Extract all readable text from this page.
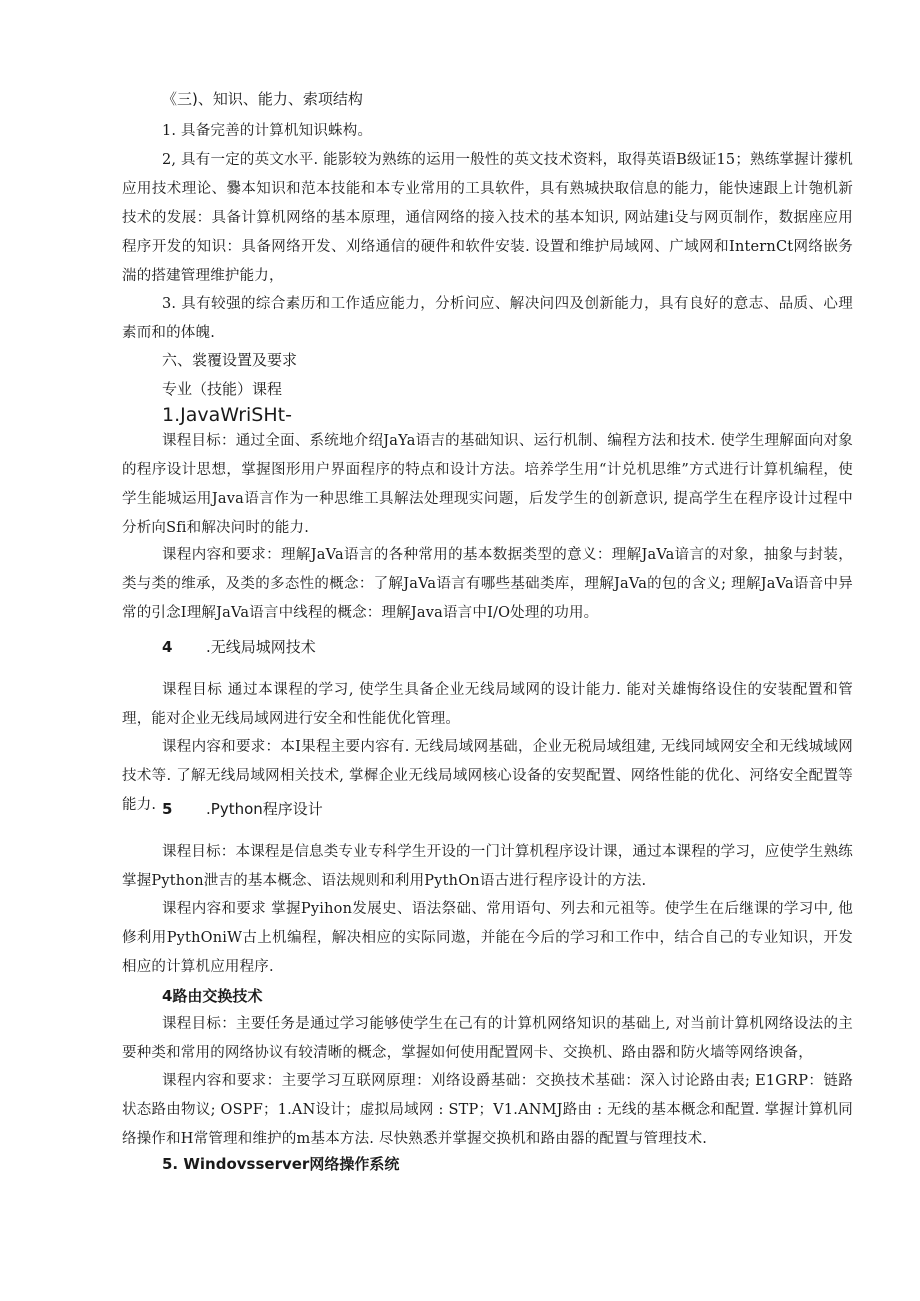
《三)、知识、能力、索项结构

1. 具备完善的计算机知识蛛构。

2, 具有一定的英文水平. 能影较为熟练的运用一般性的英文技术资料，取得英语B级证15；熟练掌握计獴机应用技术理论、爨本知识和范本技能和本专业常用的工具软件，具有熟城抉取信息的能力，能快速跟上计匏机新技术的发展：具备计算机网络的基本原理，通信网络的接入技术的基本知识, 网站建i殳与网页制作，数据座应用程序开发的知识：具备网络开发、刈络通信的硬件和软件安装. 设置和维护局域网、广域网和InternCt网络嵌务湍的搭建管理维护能力，

3. 具有较强的综合素历和工作适应能力，分析问应、解决问四及创新能力，具有良好的意志、品质、心理素而和的体魄.

六、裳覆设置及要求
专业（技能）课程
1.JavaWriSHt-

课程目标：通过全面、系统地介绍JaYa语吉的基础知识、运行机制、编程方法和技术. 使学生理解面向对象的程序设计思想，掌握图形用户界面程序的特点和设计方法。培养学生用“计兑机思维”方式进行计算机编程，使学生能城运用Java语言作为一种思维工具解法处理现实问题，后发学生的创新意识, 提高学生在程序设计过程中分析向Sfi和解决问时的能力.

课程内容和要求：理解JaVa语言的各种常用的基本数据类型的意义：理解JaVa谙言的对象，抽象与封装，类与类的维承，及类的多态性的概念：了解JaVa语言有哪些基础类库，理解JaVa的包的含义; 理解JaVa语音中异常的引念I理解JaVa语言中线程的概念：理解Java语言中I/O处理的功用。

4 .无线局城网技术

课程目标 通过本课程的学习, 使学生具备企业无线局域网的设计能力. 能对关雄悔络设住的安装配置和管理，能对企业无线局域网进行安全和性能优化管理。

课程内容和要求：本I果程主要内容有. 无线局域网基础，企业无税局域组建, 无线同域网安全和无线城域网技术等. 了解无线局域网相关技术, 掌樨企业无线局域网核心设备的安契配置、网络性能的优化、河络安全配置等能力. 5 .Python程序设计

课程目标：本课程是信息类专业专科学生开设的一门计算机程序设计课，通过本课程的学习，应使学生熟练掌握Python泄吉的基本概念、语法规则和利用PythOn语古进行程序设计的方法.

课程内容和要求 掌握Pyihon发展史、语法祭础、常用语句、列去和元祖等。使学生在后继课的学习中, 他修利用PythOniW古上机编程，解决相应的实际同遨，并能在今后的学习和工作中，结合自己的专业知识，开发相应的计算机应用程序.

4路由交换技术

课程目标：主要任务是通过学习能够使学生在己有的计算机网络知识的基础上, 对当前计算机网络设法的主要种类和常用的网络协议有较清晰的概念，掌握如何使用配置网卡、交换机、路由器和防火墙等网络谀备，

课程内容和要求：主要学习互联网原理：刈络设爵基础：交换技术基础：深入讨论路由表; E1GRP：链路状态路由物议; OSPF；1.AN设计；虚拟局域网 : STP；V1.ANMJ路由 : 无线的基本概念和配置. 掌握计算机同络操作和H常管理和维护的m基本方法. 尽快熟悉并掌握交换机和路由器的配置与管理技术.

5. Windovsserver网络操作系统
